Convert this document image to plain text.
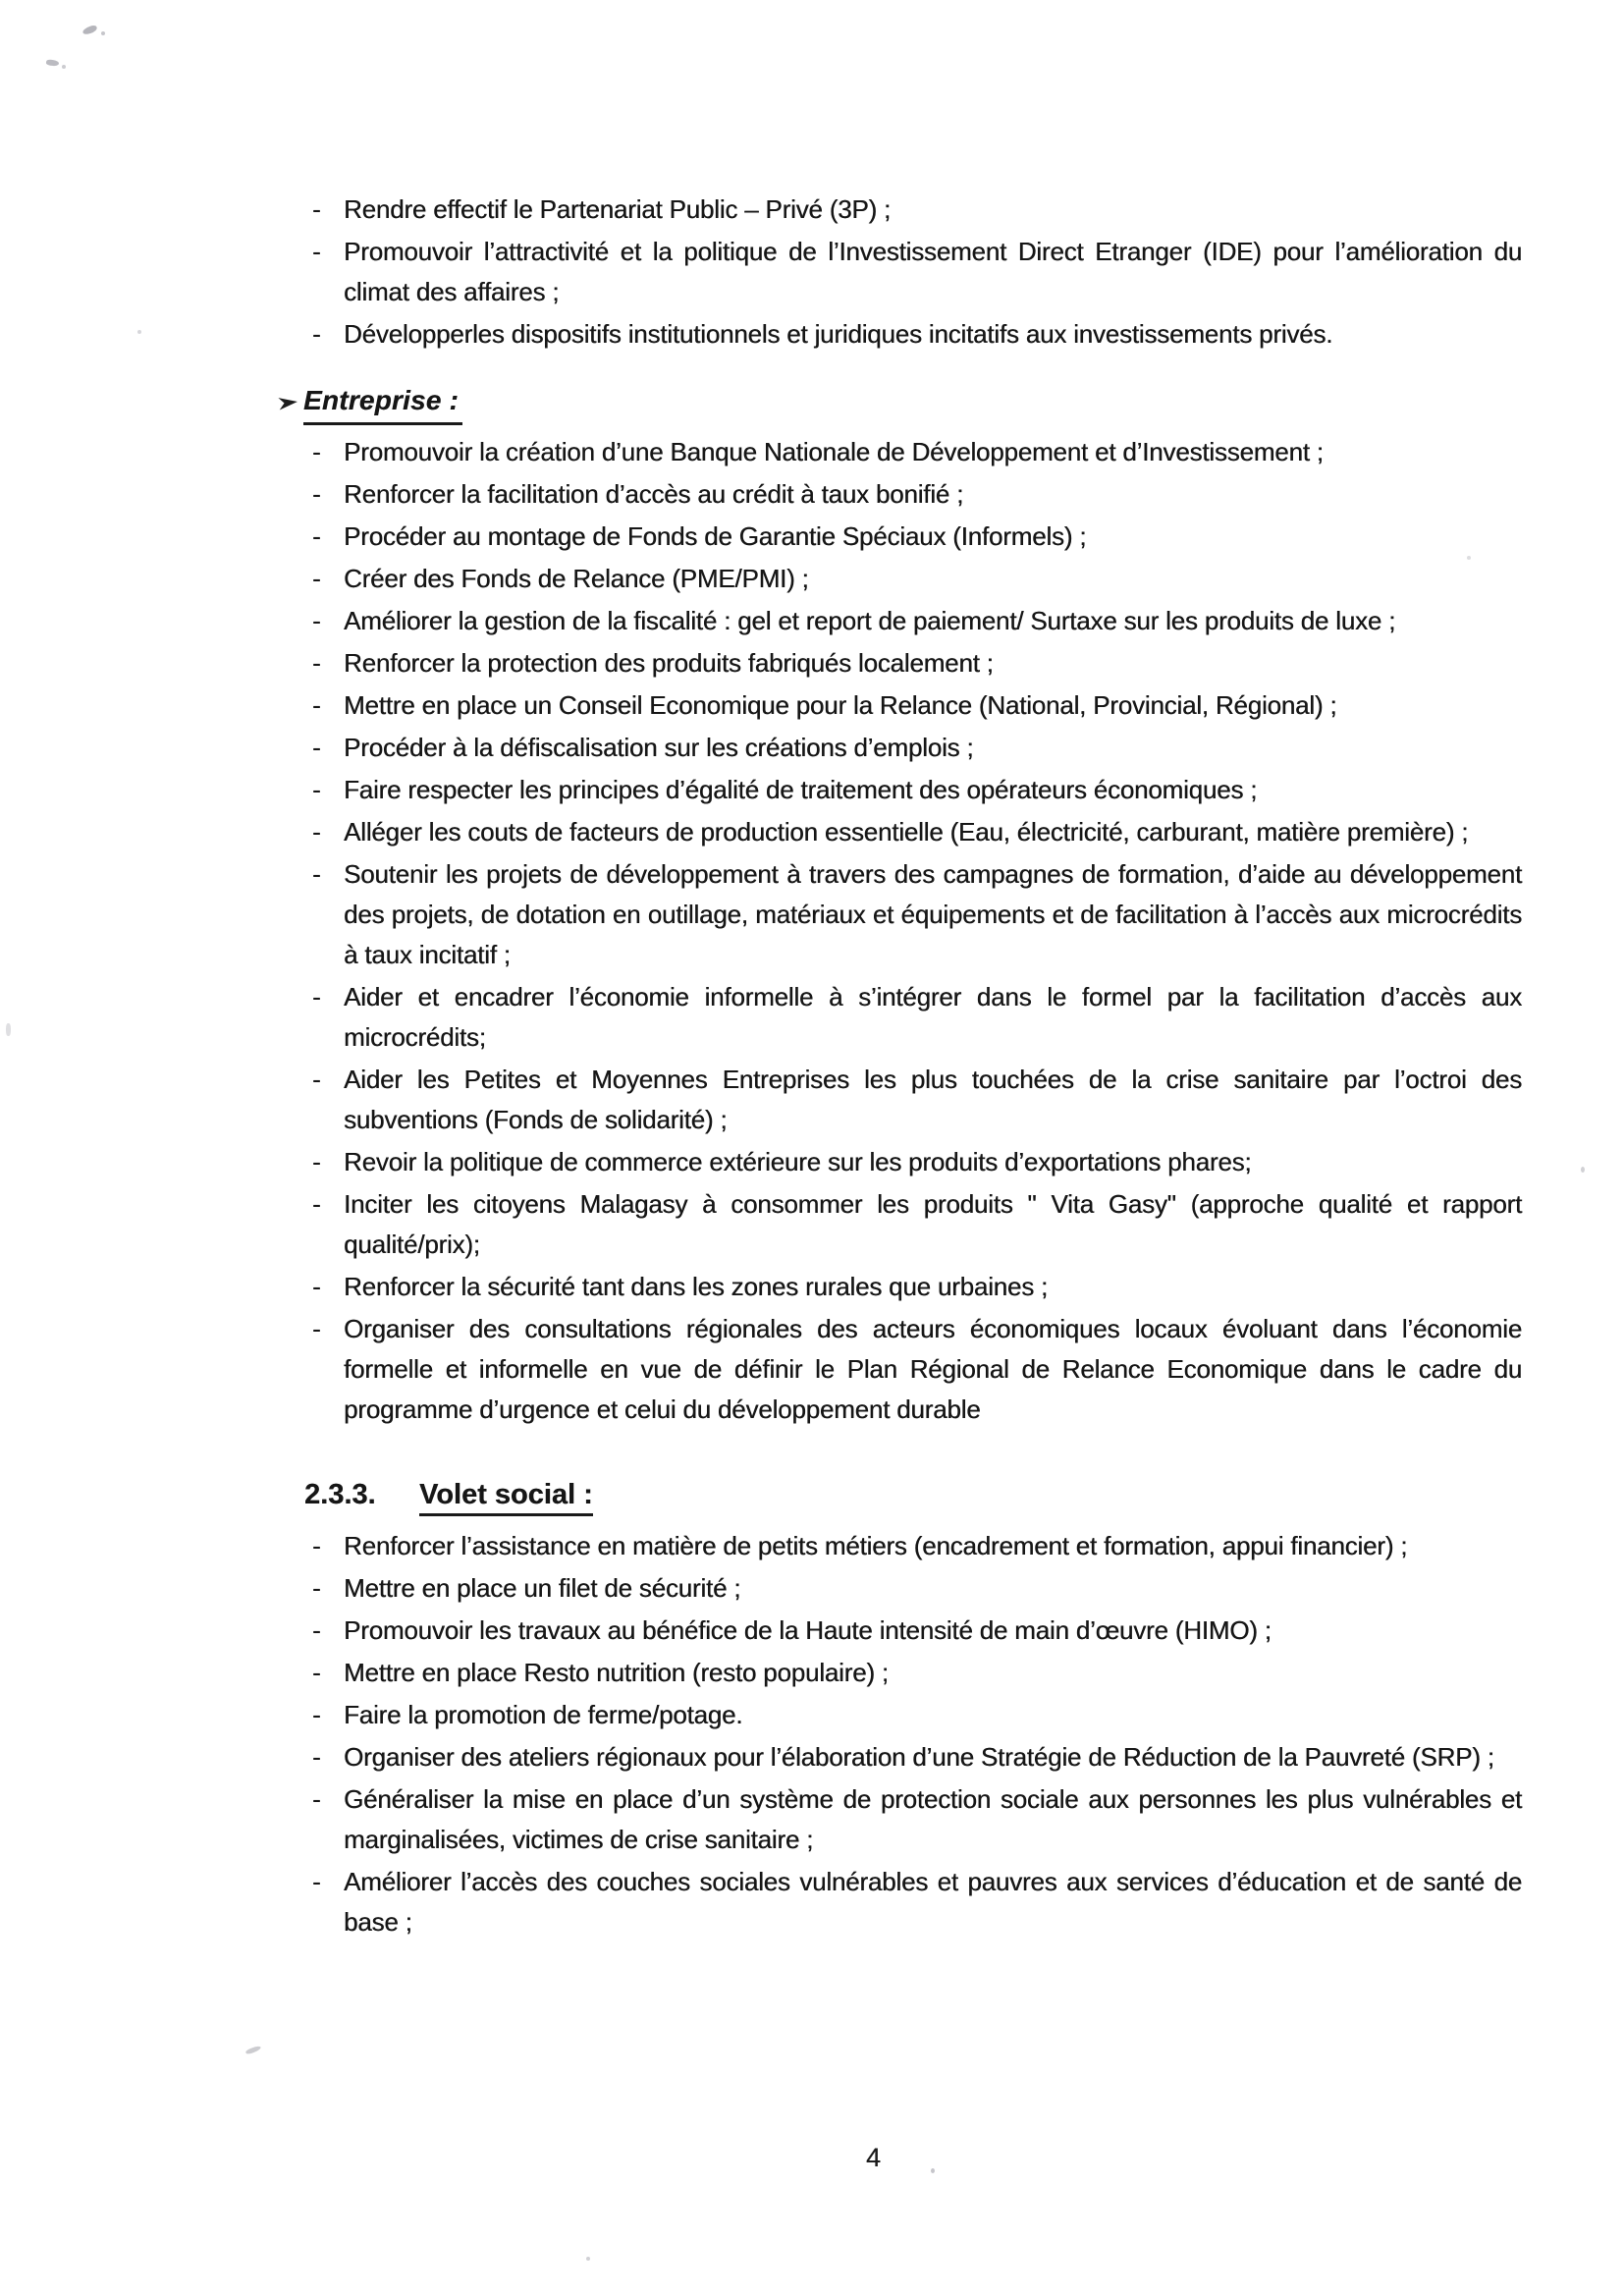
- Rendre effectif le Partenariat Public – Privé (3P) ;
- Promouvoir l’attractivité et la politique de l’Investissement Direct Etranger (IDE) pour l’amélioration du climat des affaires ;
- Développerles dispositifs institutionnels et juridiques incitatifs aux investissements privés.
Entreprise :
- Promouvoir la création d’une Banque Nationale de Développement et d’Investissement ;
- Renforcer la facilitation d’accès au crédit à taux bonifié ;
- Procéder au montage de Fonds de Garantie Spéciaux (Informels) ;
- Créer des Fonds de Relance (PME/PMI) ;
- Améliorer la gestion de la fiscalité : gel et report de paiement/ Surtaxe sur les produits de luxe ;
- Renforcer la protection des produits fabriqués localement ;
- Mettre en place un Conseil Economique pour la Relance (National, Provincial, Régional) ;
- Procéder à la défiscalisation sur les créations d’emplois ;
- Faire respecter les principes d’égalité de traitement des opérateurs économiques ;
- Alléger les couts de facteurs de production essentielle (Eau, électricité, carburant, matière première) ;
- Soutenir les projets de développement à travers des campagnes de formation, d’aide au développement des projets, de dotation en outillage, matériaux et équipements et de facilitation à l’accès aux microcrédits à taux incitatif ;
- Aider et encadrer l’économie informelle à s’intégrer dans le formel par la facilitation d’accès aux microcrédits;
- Aider les Petites et Moyennes Entreprises les plus touchées de la crise sanitaire par l’octroi des subventions (Fonds de solidarité) ;
- Revoir la politique de commerce extérieure sur les produits d’exportations phares;
- Inciter les citoyens Malagasy à consommer les produits " Vita Gasy" (approche qualité et rapport qualité/prix);
- Renforcer la sécurité tant dans les zones rurales que urbaines ;
- Organiser des consultations régionales des acteurs économiques locaux évoluant dans l’économie formelle et informelle en vue de définir le Plan Régional de Relance Economique dans le cadre du programme d’urgence et celui du développement durable
2.3.3. Volet social :
- Renforcer l’assistance en matière de petits métiers (encadrement et formation, appui financier) ;
- Mettre en place un filet de sécurité ;
- Promouvoir les travaux au bénéfice de la Haute intensité de main d’œuvre (HIMO) ;
- Mettre en place Resto nutrition (resto populaire) ;
- Faire la promotion de ferme/potage.
- Organiser des ateliers régionaux pour l’élaboration d’une Stratégie de Réduction de la Pauvreté (SRP) ;
- Généraliser la mise en place d’un système de protection sociale aux personnes les plus vulnérables et marginalisées, victimes de crise sanitaire ;
- Améliorer l’accès des couches sociales vulnérables et pauvres aux services d’éducation et de santé de base ;
4
